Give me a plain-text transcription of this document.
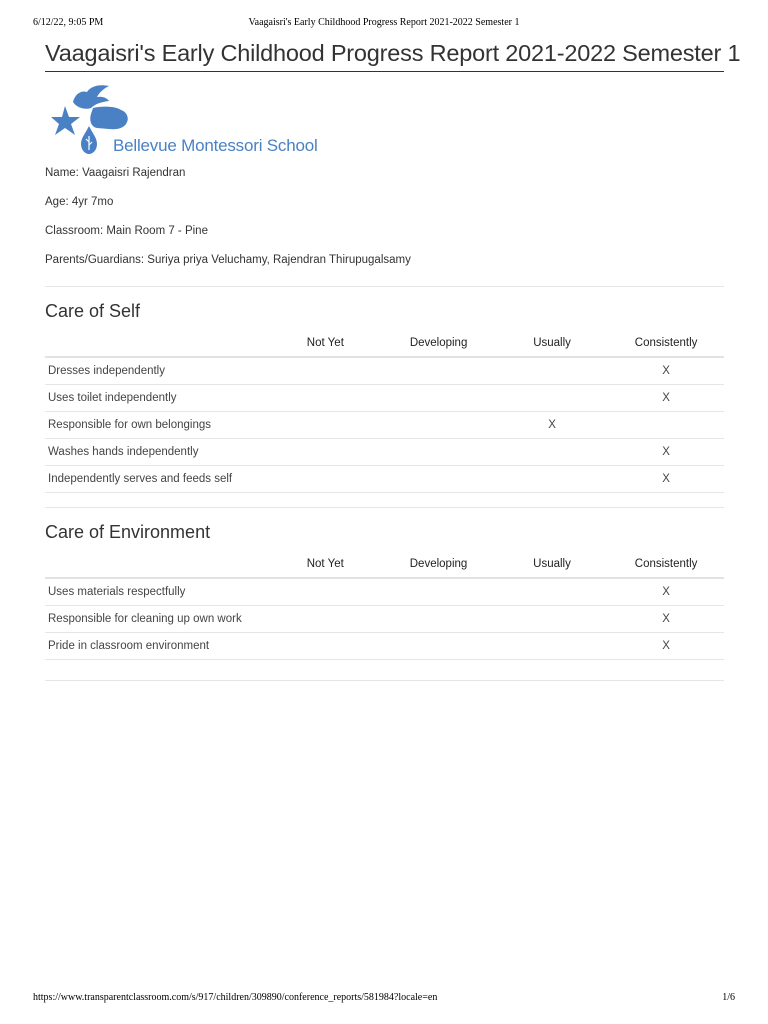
6/12/22, 9:05 PM	Vaagaisri's Early Childhood Progress Report 2021-2022 Semester 1
Vaagaisri's Early Childhood Progress Report 2021-2022 Semester 1
Bellevue Montessori School

Name: Vaagaisri Rajendran

Age: 4yr 7mo

Classroom: Main Room 7 - Pine

Parents/Guardians: Suriya priya Veluchamy, Rajendran Thirupugalsamy

Care of Self
	Not Yet	Developing	Usually	Consistently
Dresses independently				X
Uses toilet independently				X
Responsible for own belongings			X	
Washes hands independently				X
Independently serves and feeds self				X
Care of Environment
	Not Yet	Developing	Usually	Consistently
Uses materials respectfully				X
Responsible for cleaning up own work				X
Pride in classroom environment				X
https://www.transparentclassroom.com/s/917/children/309890/conference_reports/581984?locale=en	1/6
